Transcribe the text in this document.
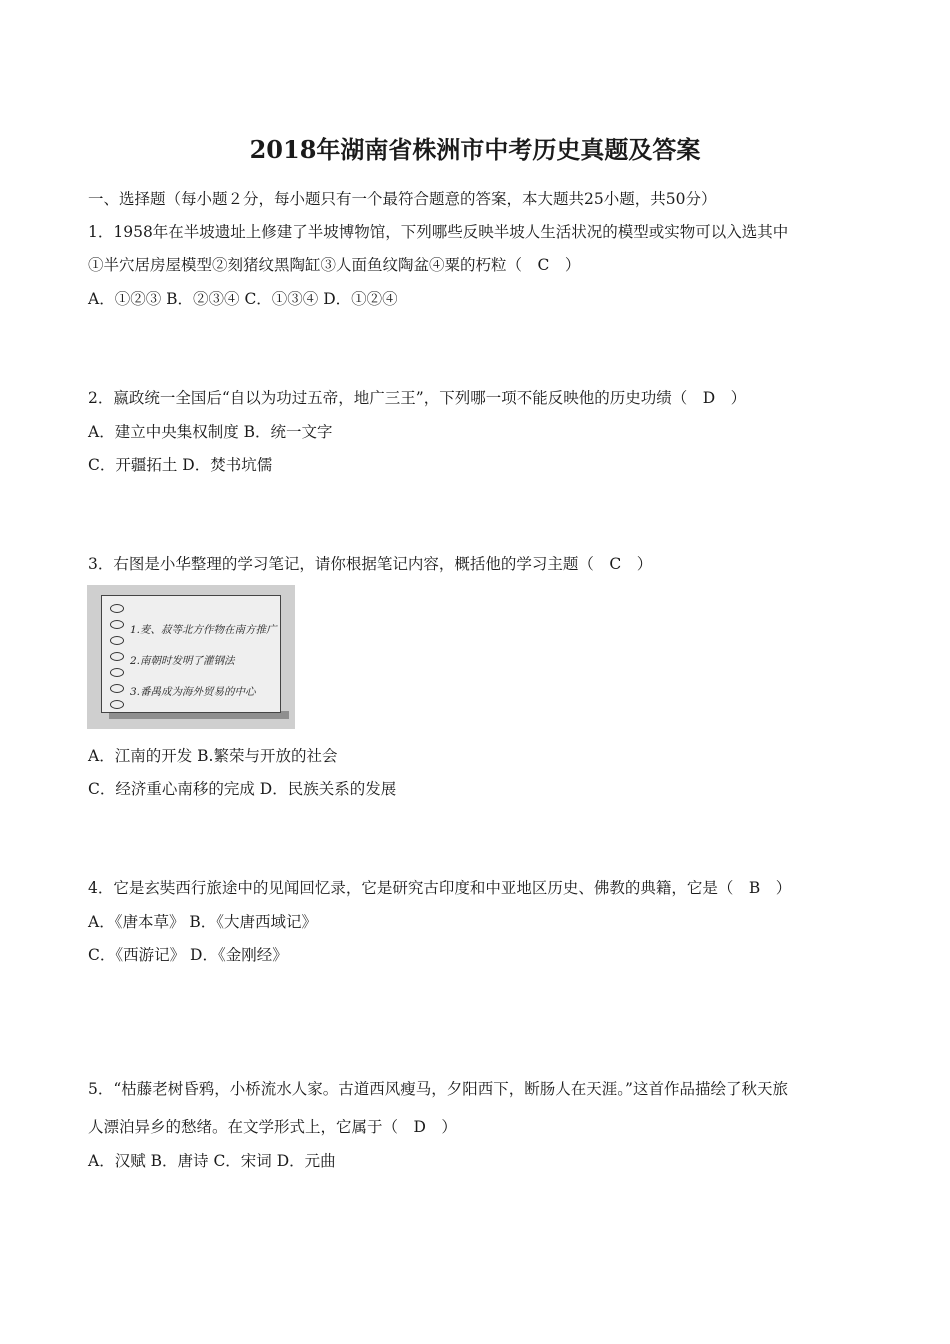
2018年湖南省株洲市中考历史真题及答案
一、选择题（每小题２分，每小题只有一个最符合题意的答案，本大题共25小题，共50分）
1．1958年在半坡遗址上修建了半坡博物馆，下列哪些反映半坡人生活状况的模型或实物可以入选其中
①半穴居房屋模型②刻猪纹黑陶缸③人面鱼纹陶盆④粟的朽粒（　C　）
A．①②③ B．②③④ C．①③④ D．①②④
2．嬴政统一全国后“自以为功过五帝，地广三王”，下列哪一项不能反映他的历史功绩（　D　）
A．建立中央集权制度 B．统一文字
C．开疆拓土 D．焚书坑儒
3．右图是小华整理的学习笔记，请你根据笔记内容，概括他的学习主题（　C　）
1.麦、菽等北方作物在南方推广
2.南朝时发明了灌钢法
3.番禺成为海外贸易的中心
A．江南的开发 B.繁荣与开放的社会
C．经济重心南移的完成 D．民族关系的发展
4．它是玄奘西行旅途中的见闻回忆录，它是研究古印度和中亚地区历史、佛教的典籍，它是（　B　）
A．《唐本草》 B．《大唐西域记》
C．《西游记》 D．《金刚经》
5．“枯藤老树昏鸦，小桥流水人家。古道西风瘦马，夕阳西下，断肠人在天涯。”这首作品描绘了秋天旅
人漂泊异乡的愁绪。在文学形式上，它属于（　D　）
A．汉赋 B．唐诗 C．宋词 D．元曲
